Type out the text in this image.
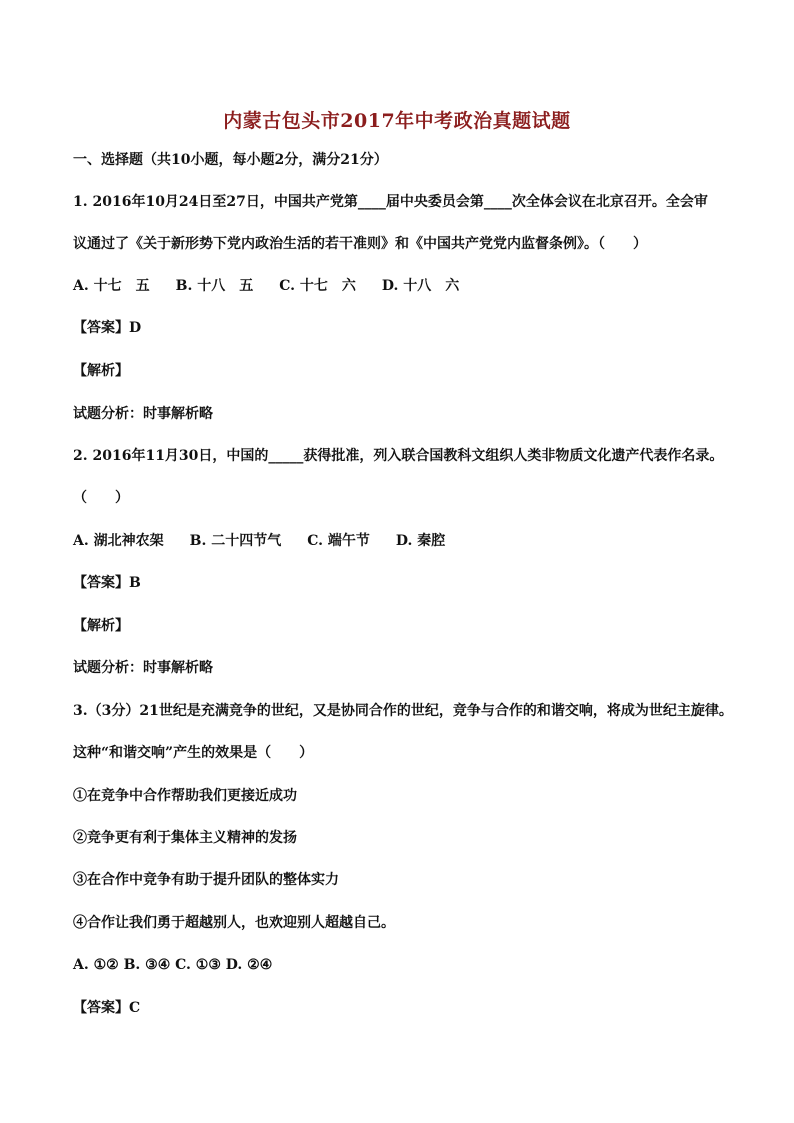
内蒙古包头市2017年中考政治真题试题

一、选择题（共10小题，每小题2分，满分21分）

1. 2016年10月24日至27日，中国共产党第____届中央委员会第____次全体会议在北京召开。全会审

议通过了《关于新形势下党内政治生活的若干准则》和《中国共产党党内监督条例》。（　　）

A. 十七　五 B. 十八　五 C. 十七　六 D. 十八　六

【答案】D

【解析】

试题分析：时事解析略

2. 2016年11月30日，中国的_____获得批准，列入联合国教科文组织人类非物质文化遗产代表作名录。

（　　）

A. 湖北神农架 B. 二十四节气 C. 端午节 D. 秦腔

【答案】B

【解析】

试题分析：时事解析略

3.（3分）21世纪是充满竞争的世纪，又是协同合作的世纪，竞争与合作的和谐交响，将成为世纪主旋律。

这种“和谐交响”产生的效果是（　　）

①在竞争中合作帮助我们更接近成功

②竞争更有利于集体主义精神的发扬

③在合作中竞争有助于提升团队的整体实力

④合作让我们勇于超越别人，也欢迎别人超越自己。

A. ①② B. ③④ C. ①③ D. ②④

【答案】C
